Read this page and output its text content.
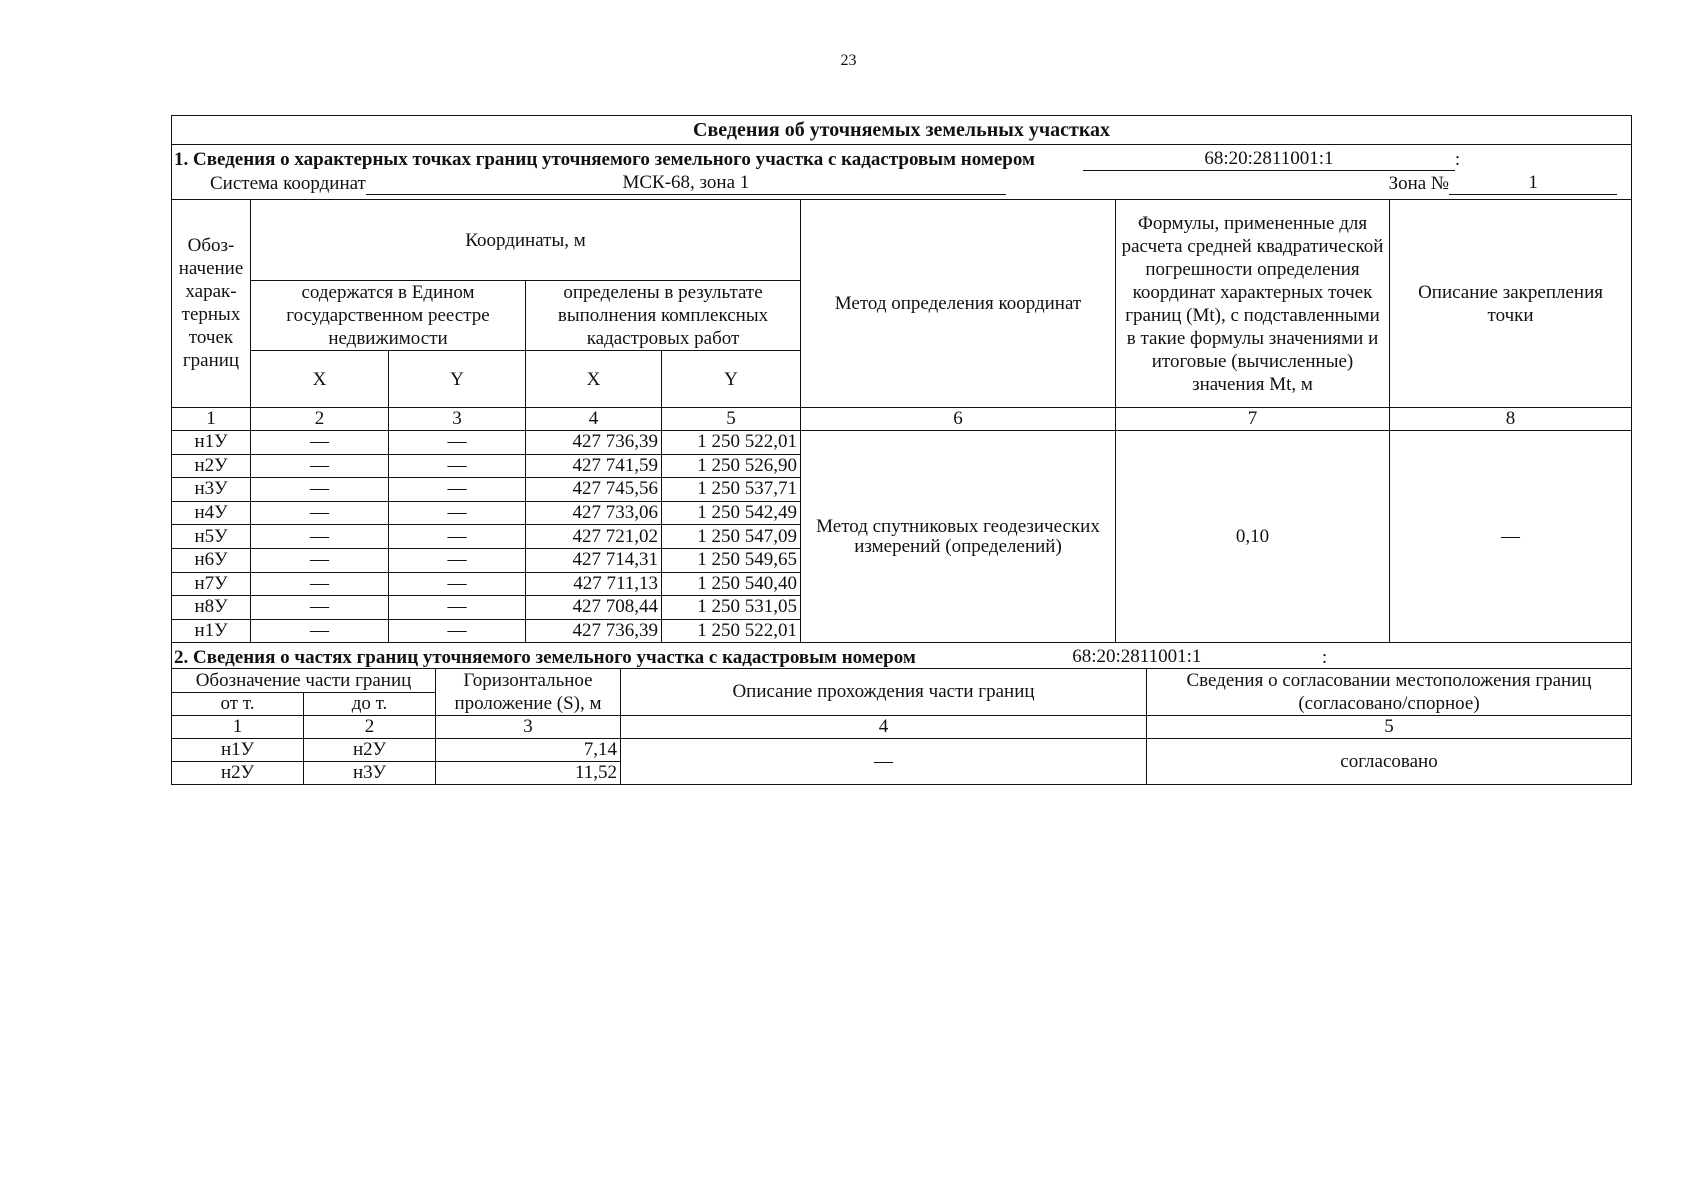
23
Сведения об уточняемых земельных участках							

1. Сведения о характерных точках границ уточняемого земельного участка с кадастровым номером 68:20:2811001:1 :							

Система координат МСК-68, зона 1 Зона № 1							

Обоз-начение харак-терных точек границ	Координаты, м				Метод определения координат	Формулы, примененные для расчета средней квадратической погрешности определения координат характерных точек границ (Mt), с подставленными в такие формулы значениями и итоговые (вычисленные) значения Mt, м	Описание закрепления точки
	содержатся в Едином государственном реестре недвижимости		определены в результате выполнения комплексных кадастровых работ				
	X	Y	X	Y			
1	2	3	4	5	6	7	8
н1У	—	—	427 736,39	1 250 522,01	Метод спутниковых геодезических измерений (определений)	0,10	—
н2У	—	—	427 741,59	1 250 526,90			
н3У	—	—	427 745,56	1 250 537,71			
н4У	—	—	427 733,06	1 250 542,49			
н5У	—	—	427 721,02	1 250 547,09			
н6У	—	—	427 714,31	1 250 549,65			
н7У	—	—	427 711,13	1 250 540,40			
н8У	—	—	427 708,44	1 250 531,05			
н1У	—	—	427 736,39	1 250 522,01			

2. Сведения о частях границ уточняемого земельного участка с кадастровым номером 68:20:2811001:1 :							
Обозначение части границ		Горизонтальное проложение (S), м	Описание прохождения части границ	Сведения о согласовании местоположения границ (согласовано/спорное)
от т.	до т.			
1	2	3	4	5
н1У	н2У	7,14	—	согласовано
н2У	н3У	11,52		
